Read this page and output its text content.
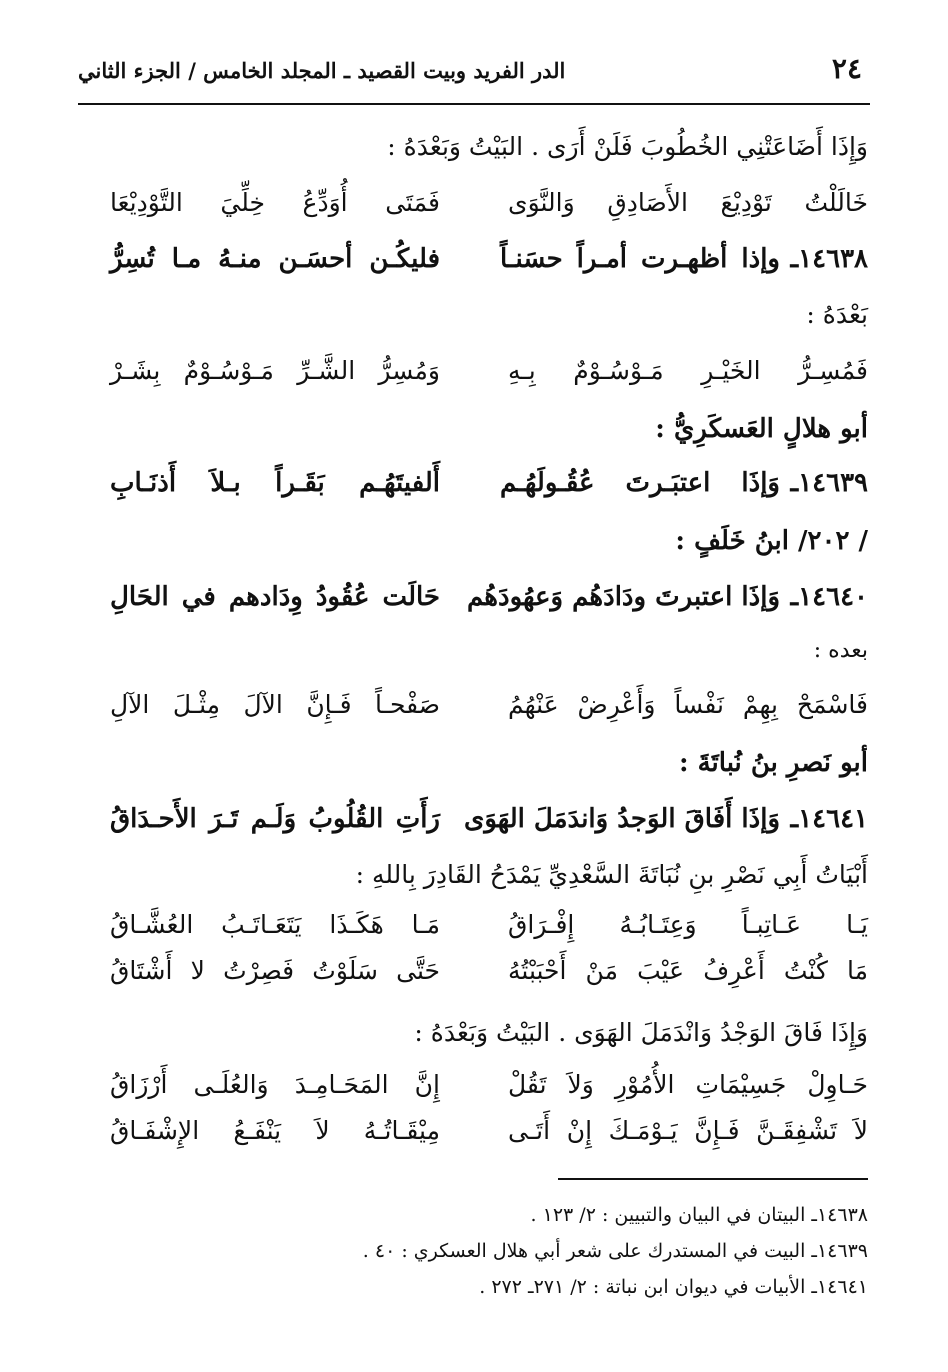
٢٤
الدر الفريد وبيت القصيد ـ المجلد الخامس / الجزء الثاني
وَإِذَا أَضَاعَتْنِي الخُطُوبَ فَلَنْ أَرَى . البَيْتُ وَبَعْدَهُ :
خَالَلْتُ تَوْدِيْعَ الأَصَادِقِ وَالنَّوَى
فَمَتَى أُوَدِّعُ خِلِّيَ التَّوْدِيْعَا
١٤٦٣٨ـ
وإذا أظهـرت أمـراً حسَنـاً
فليكُـن أحسَـن منـهُ مـا تُسِرُّ
بَعْدَهُ :
فَمُسِـرُّ الخَيْـرِ مَـوْسُـوْمٌ بِـهِ
وَمُسِرُّ الشَّـرِّ مَـوْسُـوْمٌ بِشَـرْ
أبو هلالٍ العَسكَرِيُّ :
١٤٦٣٩ـ
وَإذَا اعتبَـرتَ عُقُـولَهُـم
أَلفيتَهُـم بَقَـراً بـلاَ أَذنَـابِ
/ ٢٠٢/ ابنُ خَلَفٍ :
١٤٦٤٠ـ
وَإذَا اعتبرتَ ودَادَهُم وَعهُودَهُم
حَالَت عُقُودُ وِدَادهم في الحَالِ
بعده :
فَاسْمَحْ بِهِمْ نَفْساً وَأَعْرِضْ عَنْهُمُ
صَفْحـاً فَـإِنَّ الآلَ مِثْـلَ الآلِ
أبو نَصرِ بنُ نُباتَةَ :
١٤٦٤١ـ
وَإذَا أَفَاقَ الوَجدُ وَاندَمَلَ الهَوَى
رَأَتِ القُلُوبُ وَلَـم تَـرَ الأَحـدَاقُ
أَبْيَاتُ أَبِي نَصْرِ بنِ نُبَاتَةَ السَّعْدِيِّ يَمْدَحُ القَادِرَ بِاللهِ :
يَـا عَـاتِبـاً وَعِتَـابُـهُ إِفْـرَاقُ
مَـا هَكَـذَا يَتَعَـاتَـبُ العُشَّـاقُ
مَا كُنْتُ أَعْرِفُ عَيْبَ مَنْ أَحْبَبْتُهُ
حَتَّى سَلَوْتُ فَصِرْتُ لا أَشْتَاقُ
وَإِذَا فَاقَ الوَجْدُ وَانْدَمَلَ الهَوَى . البَيْتُ وَبَعْدَهُ :
حَـاوِلْ جَسِيْمَاتِ الأُمُوْرِ وَلاَ تَقُلْ
إِنَّ المَحَـامِـدَ وَالعُلَـى أَرْزَاقُ
لاَ تَشْفِقَـنَّ فَـإِنَّ يَـوْمَـكَ إِنْ أَتَـى
مِيْقَـاتُـهُ لاَ يَنْفَـعُ الإِشْفَـاقُ
١٤٦٣٨ـ البيتان في البيان والتبيين : ٢/ ١٢٣ .
١٤٦٣٩ـ البيت في المستدرك على شعر أبي هلال العسكري : ٤٠ .
١٤٦٤١ـ الأبيات في ديوان ابن نباتة : ٢/ ٢٧١ـ ٢٧٢ .
